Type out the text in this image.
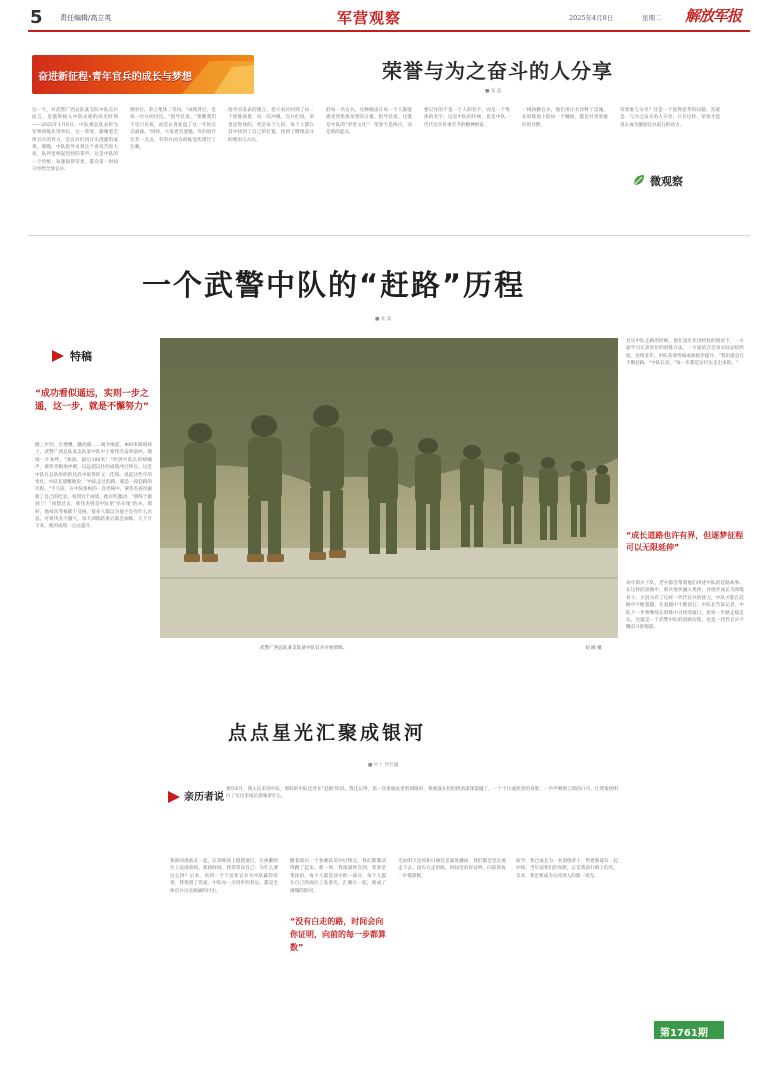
5 责任编辑/高立英	军营观察	2025年4月8日	星期二 解放军报
奋进新征程·青年官兵的成长与梦想	荣誉与为之奋斗的人分享
■ 张 磊
这一天，对武警广西总队某支队中队官兵而言，是值得载入中队史册的高光时刻——2025年1月6日，中队被总队表彰为军事训练先进单位。这一荣誉，凝聚着全体官兵的努力，是官兵们用汗水浇灌的成果。那晚，中队指导员将这个喜讯告诉大家，队列里响起热烈的掌声。这是中队的一个传统：每逢取得荣誉，都会第一时间分享给全体官兵。
理单位，荣立集体三等功。"成绩背后，是每一位兵的付出。"指导员说。"那晚我们不是只庆祝，而是认真复盘了这一年的点点滴滴。"同时，大家也有遗憾，有的项目还差一点点，有的兵因为训练受伤错过了比赛。
指导员发表的感言，把大家拉回到了每一个训练场景，每一次冲刺。官兵们说，荣誉是集体的，更是每个人的。每个人都在其中找到了自己的位置，找到了继续奋斗的理由与方向。
的每一名官兵。这种做法让每一个人都能感受到集体荣誉的分量。指导员说，这就是中队的"荣誉文化"：荣誉不是终点，而是新的起点。
要记住的不是一个人的名字，而是一个集体的名字。这是中队的传统，也是中队一代代官兵传承至今的精神财富。
一线执勤官兵，他们用汗水诠释了忠诚。在训练场上的每一个瞬间，都是对荣誉最好的诠释。
荣誉谁与分享？这是一个值得思考的问题。答案是：与为之奋斗的人分享。只有这样，荣誉才能真正成为激励官兵前行的动力。
微观察
一个武警中队的“赶路”历程
■ 张 磊
特稿
“成功看似遥远，实则一步之遥，这一步，就是不懈努力”
踏三步轻，过增蹲，翻高板……喝令响起，400米障碍场上，武警广西总队某支队某中队中士蒙伟杰奋勇前冲。现场一片欢呼。"加油，最后100米！"听到中队长的呐喊声，蒙伟杰稍加冲刺，以远超以往的成绩冲过终点。这是中队在总队组织的比武中取得的又一佳绩。说起这些年的变化，中队长感慨地说："中队走过的路，就是一段赶路的历程。"不久前，在中队组织的一次考核中，蒙伟杰再次刷新了自己的纪录。看到这个成绩，他有些激动："我终于做到了！"回想过去，蒙伟杰曾是中队里"吊车尾"的兵。那时，他每次考核都不及格，很多人都以为他不会有什么出息。可蒙伟杰不服气，每天训练结束后都会加练。几个月下来，他的成绩一点点提升。
武警广西总队某支队某中队官兵开展训练。	刘 刚 摄
且见中队走路的时候，他在没有先进经验的情况下，一方面学习兄弟单位的训练方法，一方面结合自身实际总结经验。连续多年，中队各项考核成绩稳步提升。"我们就是在不断赶路。"中队长说，"每一步都是实打实走出来的。"
“成长道路也许有界，但逐梦征程可以无限延伸”
每年新兵下队，老兵都会带着他们讲述中队的赶路故事。在这样的氛围中，新兵很快融入集体，并逐步成长为训练骨干。正因为有了这样一代代官兵的接力，中队才能在赶路中不断超越，在超越中不断前行。中队长告诉记者，中队下一步将继续在训练中寻找突破口，把每一步路走稳走实。这就是一个武警中队的赶路历程，也是一代代官兵不懈奋斗的缩影。
点点星光汇聚成银河
■ 中士 何若巍
亲历者说
那年6月，我入伍来到中队，那时的中队还处在"赶路"阶段。我还记得，第一次参加队里的训练时，我被战友们的拼劲深深震撼了。一个个汗流浃背的身影，一声声响彻云霄的口号，让我很快明白了在这里成长意味着什么。
我和同批战友一起，在训练场上摸爬滚打，在执勤哨位上站岗放哨。那段时间，我常常问自己：为什么要这么拼？后来，看到一个个前辈官兵为中队赢得荣誉，我找到了答案。中队每一点进步的背后，都是全体官兵点点滴滴的付出。
“没有白走的路，时间会向你证明，向前的每一步都算数”
随着最后一个参赛队员冲过终点，我们都激动得跳了起来。那一刻，我深深体会到，荣誉是集体的，每个人都是其中的一部分。每个人都在自己的岗位上发着光，汇聚在一起，就成了璀璨的银河。
无论明天是风和日丽还是暴风骤雨，我们都会坚定地走下去。没有白走的路，时间会向你证明，向前的每一步都算数。
如今，我已成长为一名训练骨干，带着新战友一起冲锋。当年前辈们的身影，正是我前行路上的光。未来，我也要成为点亮别人的那一束光。
第1761期
